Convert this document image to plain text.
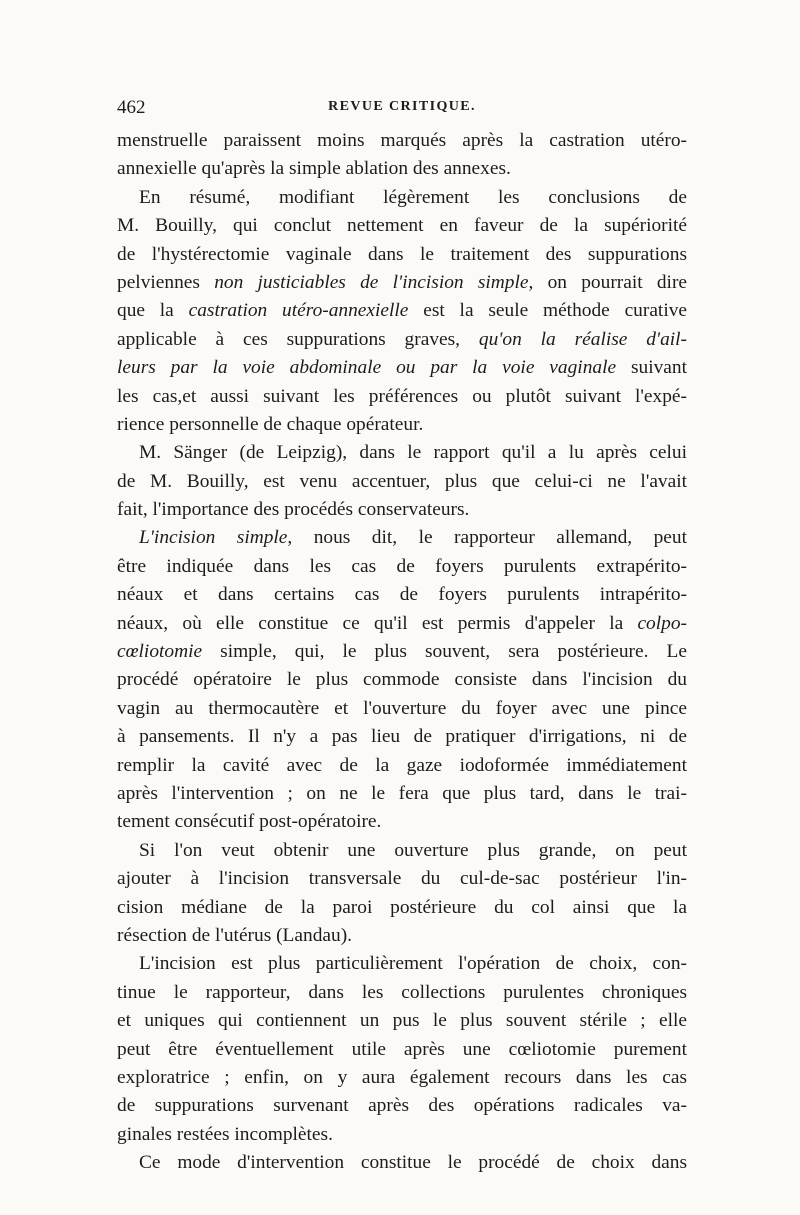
462	REVUE CRITIQUE.
menstruelle paraissent moins marqués après la castration utéro-
annexielle qu'après la simple ablation des annexes.
En résumé, modifiant légèrement les conclusions de
M. Bouilly, qui conclut nettement en faveur de la supériorité
de l'hystérectomie vaginale dans le traitement des suppurations
pelviennes non justiciables de l'incision simple, on pourrait dire
que la castration utéro-annexielle est la seule méthode curative
applicable à ces suppurations graves, qu'on la réalise d'ail-
leurs par la voie abdominale ou par la voie vaginale suivant
les cas,et aussi suivant les préférences ou plutôt suivant l'expé-
rience personnelle de chaque opérateur.
M. Sänger (de Leipzig), dans le rapport qu'il a lu après celui
de M. Bouilly, est venu accentuer, plus que celui-ci ne l'avait
fait, l'importance des procédés conservateurs.
L'incision simple, nous dit, le rapporteur allemand, peut
être indiquée dans les cas de foyers purulents extrapérito-
néaux et dans certains cas de foyers purulents intrapérito-
néaux, où elle constitue ce qu'il est permis d'appeler la colpo-
cœliotomie simple, qui, le plus souvent, sera postérieure. Le
procédé opératoire le plus commode consiste dans l'incision du
vagin au thermocautère et l'ouverture du foyer avec une pince
à pansements. Il n'y a pas lieu de pratiquer d'irrigations, ni de
remplir la cavité avec de la gaze iodoformée immédiatement
après l'intervention ; on ne le fera que plus tard, dans le trai-
tement consécutif post-opératoire.
Si l'on veut obtenir une ouverture plus grande, on peut
ajouter à l'incision transversale du cul-de-sac postérieur l'in-
cision médiane de la paroi postérieure du col ainsi que la
résection de l'utérus (Landau).
L'incision est plus particulièrement l'opération de choix, con-
tinue le rapporteur, dans les collections purulentes chroniques
et uniques qui contiennent un pus le plus souvent stérile ; elle
peut être éventuellement utile après une cœliotomie purement
exploratrice ; enfin, on y aura également recours dans les cas
de suppurations survenant après des opérations radicales va-
ginales restées incomplètes.
Ce mode d'intervention constitue le procédé de choix dans
